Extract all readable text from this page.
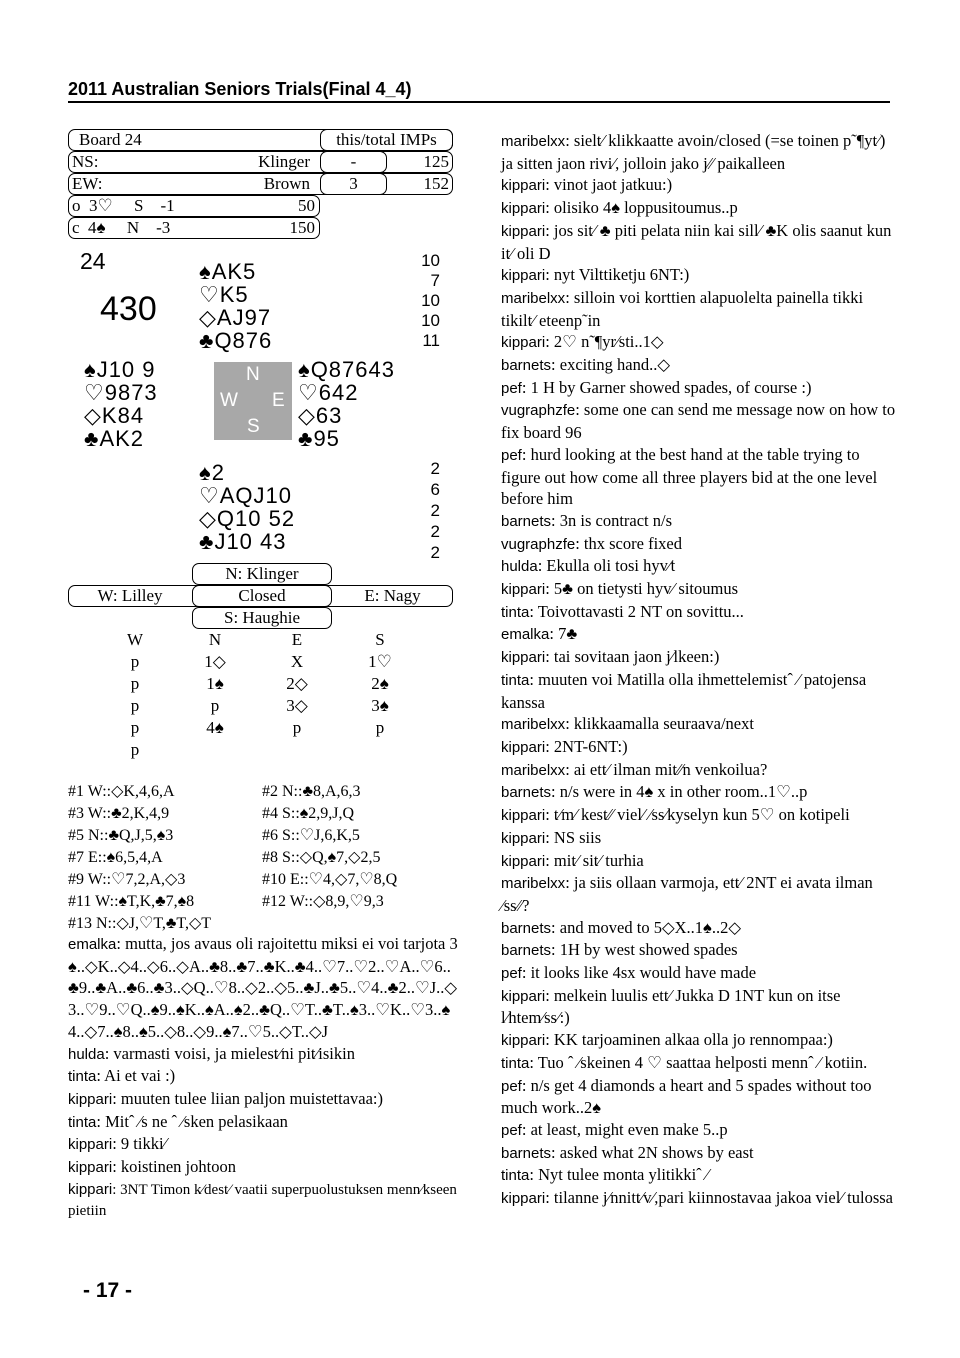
2011 Australian Seniors Trials(Final 4_4)
Board 24	this/total IMPs
NS:	Klinger	-	125
EW:	Brown	3	152
o  3♡     S    -1	50
c  4♠     N    -3	150
24
430
♠AK5
♡K5
◇AJ97
♣Q876
♠J10 9
♡9873
◇K84
♣AK2
N
W E
S
♠Q87643
♡642
◇63
♣95
♠2
♡AQJ10
◇Q10 52
♣J10 43
10
7
10
10
11
2
6
2
2
2
N: Klinger
W: Lilley	Closed	E: Nagy
S: Haughie
W	N	E	S
p	1◇	X	1♡
p	1♠	2◇	2♠
p	p	3◇	3♠
p	4♠	p	p
p
#1 W::◇K,4,6,A	#2 N::♣8,A,6,3
#3 W::♣2,K,4,9	#4 S::♠2,9,J,Q
#5 N::♣Q,J,5,♠3	#6 S::♡J,6,K,5
#7 E::♠6,5,4,A	#8 S::◇Q,♠7,◇2,5
#9 W::♡7,2,A,◇3	#10 E::♡4,◇7,♡8,Q
#11 W::♠T,K,♣7,♠8	#12 W::◇8,9,♡9,3
#13 N::◇J,♡T,♣T,◇T
emalka: mutta, jos avaus oli rajoitettu miksi ei voi tarjota 3♠..◇K..◇4..◇6..◇A..♣8..♣7..♣K..♣4..♡7..♡2..♡A..♡6..♣9..♣A..♣6..♣3..◇Q..♡8..◇2..◇5..♣J..♣5..♡4..♣2..♡J..◇3..♡9..♡Q..♠9..♠K..♠A..♠2..♣Q..♡T..♣T..♠3..♡K..♡3..♠4..◇7..♠8..♠5..◇8..◇9..♠7..♡5..◇T..◇J
hulda: varmasti voisi, ja mielest⁄ni pit⁄isikin
tinta: Ai et vai :)
kippari: muuten tulee liian paljon muistettavaa:)
tinta: Mitˆ ⁄s ne ˆ ⁄sken pelasikaan
kippari: 9 tikki⁄
kippari: koistinen johtoon
kippari: 3NT Timon k⁄dest⁄ vaatii superpuolustuksen menn⁄kseen pietiin
maribelxx: sielt⁄ klikkaatte avoin/closed (=se toinen p˜¶yt⁄) ja sitten jaon rivi⁄, jolloin jako j⁄⁄ paikalleen
kippari: vinot jaot jatkuu:)
kippari: olisiko 4♠ loppusitoumus..p
kippari: jos sit⁄ ♣ piti pelata niin kai sill⁄ ♣K olis saanut kun it⁄ oli D
kippari: nyt Vilttiketju 6NT:)
maribelxx: silloin voi korttien alapuolelta painella tikki tikilt⁄ eteenp˜in
kippari: 2♡ n˜¶yr⁄sti..1◇
barnets: exciting hand..◇
pef: 1 H by Garner showed spades, of course :)
vugraphzfe: some one can send me message now on how to fix board 96
pef: hurd looking at the best hand at the table trying to figure out how come all three players bid at the one level before him
barnets: 3n is contract n/s
vugraphzfe: thx score fixed
hulda: Ekulla oli tosi hyv⁄t
kippari: 5♣ on tietysti hyv⁄ sitoumus
tinta: Toivottavasti 2 NT on sovittu...
emalka: 7♣
kippari: tai sovitaan jaon j⁄lkeen:)
tinta: muuten voi Matilla olla ihmettelemistˆ ⁄ patojensa kanssa
maribelxx: klikkaamalla seuraava/next
kippari: 2NT-6NT:)
maribelxx: ai ett⁄ ilman mit⁄⁄n venkoilua?
barnets: n/s were in 4♠ x in other room..1♡..p
kippari: t⁄m⁄ kest⁄⁄ viel⁄ ⁄ss⁄kyselyn kun 5♡ on kotipeli
kippari: NS siis
kippari: mit⁄ sit⁄ turhia
maribelxx: ja siis ollaan varmoja, ett⁄ 2NT ei avata ilman ⁄ss⁄⁄?
barnets: and moved to 5◇X..1♠..2◇
barnets: 1H by west showed spades
pef: it looks like 4sx would have made
kippari: melkein luulis ett⁄ Jukka D 1NT kun on itse l⁄htem⁄ss⁄:)
kippari: KK tarjoaminen alkaa olla jo rennompaa:)
tinta: Tuo ˆ ⁄skeinen 4 ♡ saattaa helposti mennˆ ⁄ kotiin.
pef: n/s get 4 diamonds a heart and 5 spades without too much work..2♠
pef: at least, might even make 5..p
barnets: asked what 2N shows by east
tinta: Nyt tulee monta ylitikkiˆ ⁄
kippari: tilanne j⁄nnitt⁄v⁄,pari kiinnostavaa jakoa viel⁄ tulossa
- 17 -
